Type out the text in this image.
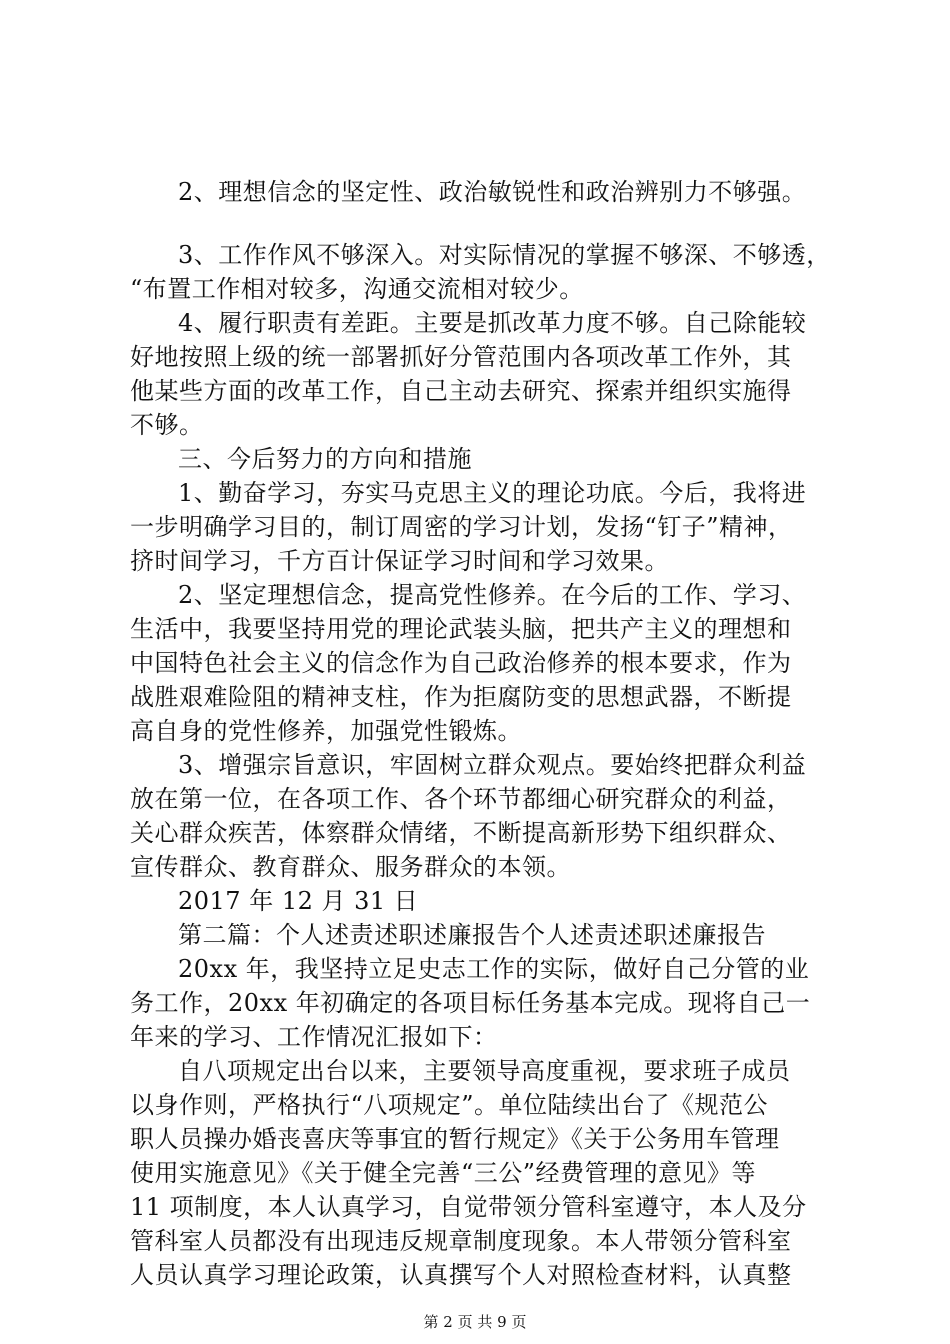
2、理想信念的坚定性、政治敏锐性和政治辨别力不够强。
3、工作作风不够深入。对实际情况的掌握不够深、不够透，
“布置工作相对较多，沟通交流相对较少。
4、履行职责有差距。主要是抓改革力度不够。自己除能较
好地按照上级的统一部署抓好分管范围内各项改革工作外，其
他某些方面的改革工作，自己主动去研究、探索并组织实施得
不够。
三、今后努力的方向和措施
1、勤奋学习，夯实马克思主义的理论功底。今后，我将进
一步明确学习目的，制订周密的学习计划，发扬“钉子”精神，
挤时间学习，千方百计保证学习时间和学习效果。
2、坚定理想信念，提高党性修养。在今后的工作、学习、
生活中，我要坚持用党的理论武装头脑，把共产主义的理想和
中国特色社会主义的信念作为自己政治修养的根本要求，作为
战胜艰难险阻的精神支柱，作为拒腐防变的思想武器，不断提
高自身的党性修养，加强党性锻炼。
3、增强宗旨意识，牢固树立群众观点。要始终把群众利益
放在第一位，在各项工作、各个环节都细心研究群众的利益，
关心群众疾苦，体察群众情绪，不断提高新形势下组织群众、
宣传群众、教育群众、服务群众的本领。
2017 年 12 月 31 日
第二篇：个人述责述职述廉报告个人述责述职述廉报告
20xx 年，我坚持立足史志工作的实际，做好自己分管的业
务工作，20xx 年初确定的各项目标任务基本完成。现将自己一
年来的学习、工作情况汇报如下：
自八项规定出台以来，主要领导高度重视，要求班子成员
以身作则，严格执行“八项规定”。单位陆续出台了《规范公
职人员操办婚丧喜庆等事宜的暂行规定》《关于公务用车管理
使用实施意见》《关于健全完善“三公”经费管理的意见》等
11 项制度，本人认真学习，自觉带领分管科室遵守，本人及分
管科室人员都没有出现违反规章制度现象。本人带领分管科室
人员认真学习理论政策，认真撰写个人对照检查材料，认真整
第 2 页 共 9 页
